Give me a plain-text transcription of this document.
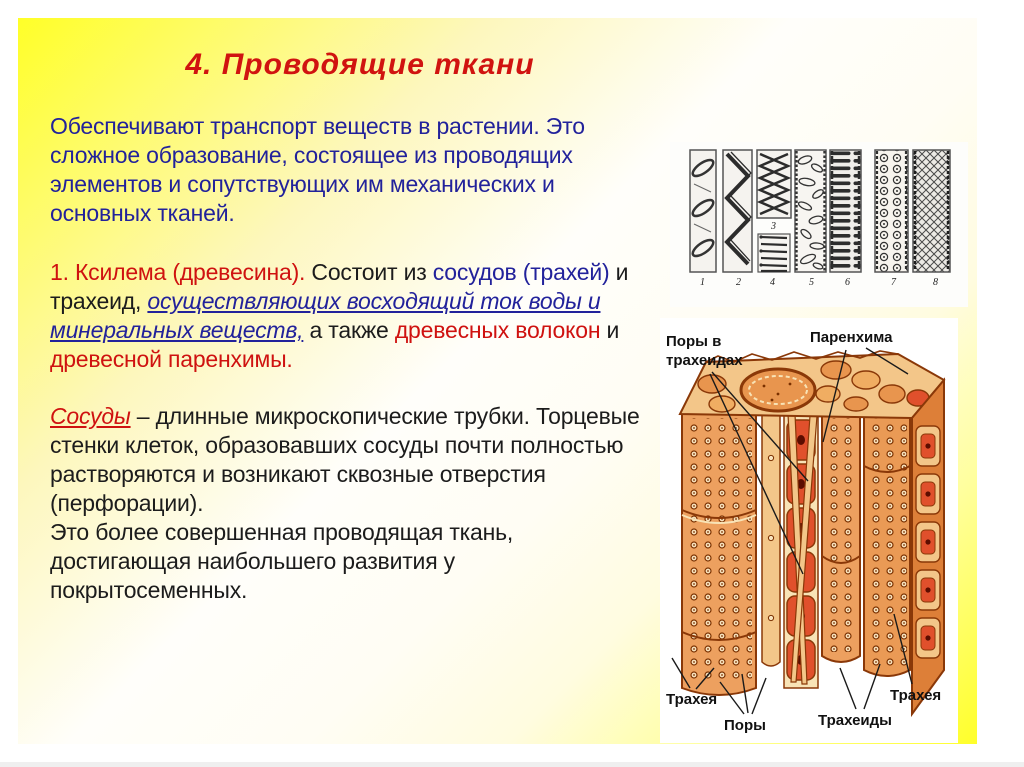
4. Проводящие ткани
Обеспечивают транспорт веществ в растении. Это сложное образование, состоящее из проводящих элементов и сопутствующих им механических и основных тканей.
1. Ксилема (древесина). Состоит из сосудов (трахей) и трахеид, осуществляющих восходящий ток воды и минеральных веществ, а также древесных волокон и древесной паренхимы.
Сосуды – длинные микроскопические трубки. Торцевые стенки клеток, образовавших сосуды почти полностью растворяются и возникают сквозные отверстия (перфорации).
Это более совершенная проводящая ткань, достигающая наибольшего развития у покрытосеменных.
3
1	2	4	5	6	7	8
Поры в трахеидах
Паренхима
Трахея
Поры	Трахеиды
Трахея
